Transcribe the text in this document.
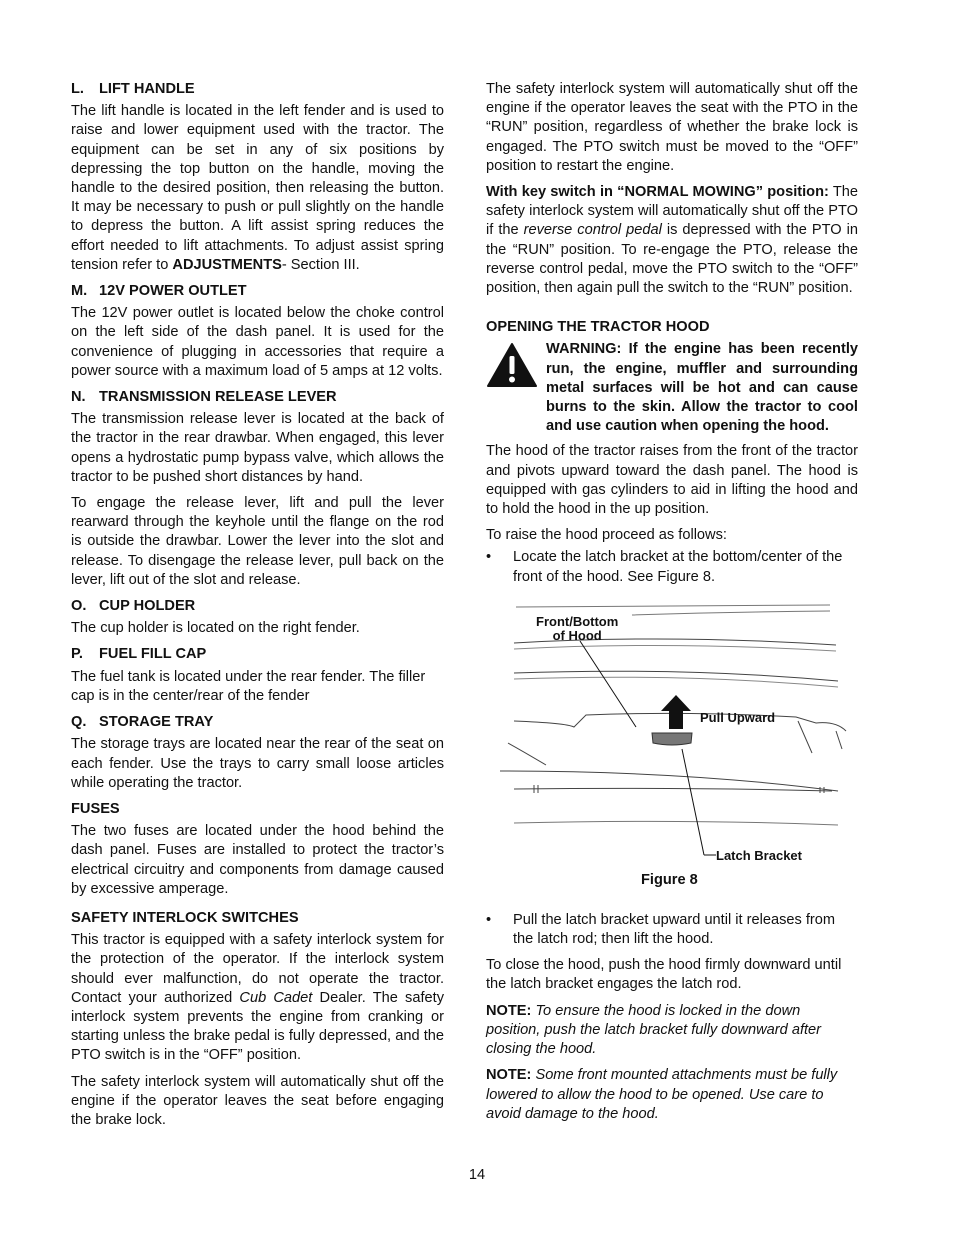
L. LIFT HANDLE

The lift handle is located in the left fender and is used to raise and lower equipment used with the tractor. The equipment can be set in any of six positions by depressing the top button on the handle, moving the handle to the desired position, then releasing the button. It may be necessary to push or pull slightly on the handle to depress the button. A lift assist spring reduces the effort needed to lift attachments. To adjust assist spring tension refer to ADJUSTMENTS- Section III.

M. 12V POWER OUTLET

The 12V power outlet is located below the choke control on the left side of the dash panel. It is used for the convenience of plugging in accessories that require a power source with a maximum load of 5 amps at 12 volts.

N. TRANSMISSION RELEASE LEVER

The transmission release lever is located at the back of the tractor in the rear drawbar. When engaged, this lever opens a hydrostatic pump bypass valve, which allows the tractor to be pushed short distances by hand.

To engage the release lever, lift and pull the lever rearward through the keyhole until the flange on the rod is outside the drawbar. Lower the lever into the slot and release. To disengage the release lever, pull back on the lever, lift out of the slot and release.

O. CUP HOLDER

The cup holder is located on the right fender.

P. FUEL FILL CAP

The fuel tank is located under the rear fender. The filler cap is in the center/rear of the fender

Q. STORAGE TRAY

The storage trays are located near the rear of the seat on each fender. Use the trays to carry small loose articles while operating the tractor.

FUSES

The two fuses are located under the hood behind the dash panel. Fuses are installed to protect the tractor’s electrical circuitry and components from damage caused by excessive amperage.

SAFETY INTERLOCK SWITCHES

This tractor is equipped with a safety interlock system for the protection of the operator. If the interlock system should ever malfunction, do not operate the tractor. Contact your authorized Cub Cadet Dealer. The safety interlock system prevents the engine from cranking or starting unless the brake pedal is fully depressed, and the PTO switch is in the “OFF” position.

The safety interlock system will automatically shut off the engine if the operator leaves the seat before engaging the brake lock.

The safety interlock system will automatically shut off the engine if the operator leaves the seat with the PTO in the “RUN” position, regardless of whether the brake lock is engaged. The PTO switch must be moved to the “OFF” position to restart the engine.

With key switch in “NORMAL MOWING” position: The safety interlock system will automatically shut off the PTO if the reverse control pedal is depressed with the PTO in the “RUN” position. To re-engage the PTO, release the reverse control pedal, move the PTO switch to the “OFF” position, then again pull the switch to the “RUN” position.

OPENING THE TRACTOR HOOD

WARNING: If the engine has been recently run, the engine, muffler and surrounding metal surfaces will be hot and can cause burns to the skin. Allow the tractor to cool and use caution when opening the hood.

The hood of the tractor raises from the front of the tractor and pivots upward toward the dash panel. The hood is equipped with gas cylinders to aid in lifting the hood and to hold the hood in the up position.

To raise the hood proceed as follows:

• Locate the latch bracket at the bottom/center of the front of the hood. See Figure 8.
Front/Bottom
of Hood
Pull Upward
Latch Bracket
Figure 8
• Pull the latch bracket upward until it releases from the latch rod; then lift the hood.

To close the hood, push the hood firmly downward until the latch bracket engages the latch rod.

NOTE: To ensure the hood is locked in the down position, push the latch bracket fully downward after closing the hood.

NOTE: Some front mounted attachments must be fully lowered to allow the hood to be opened. Use care to avoid damage to the hood.

14
